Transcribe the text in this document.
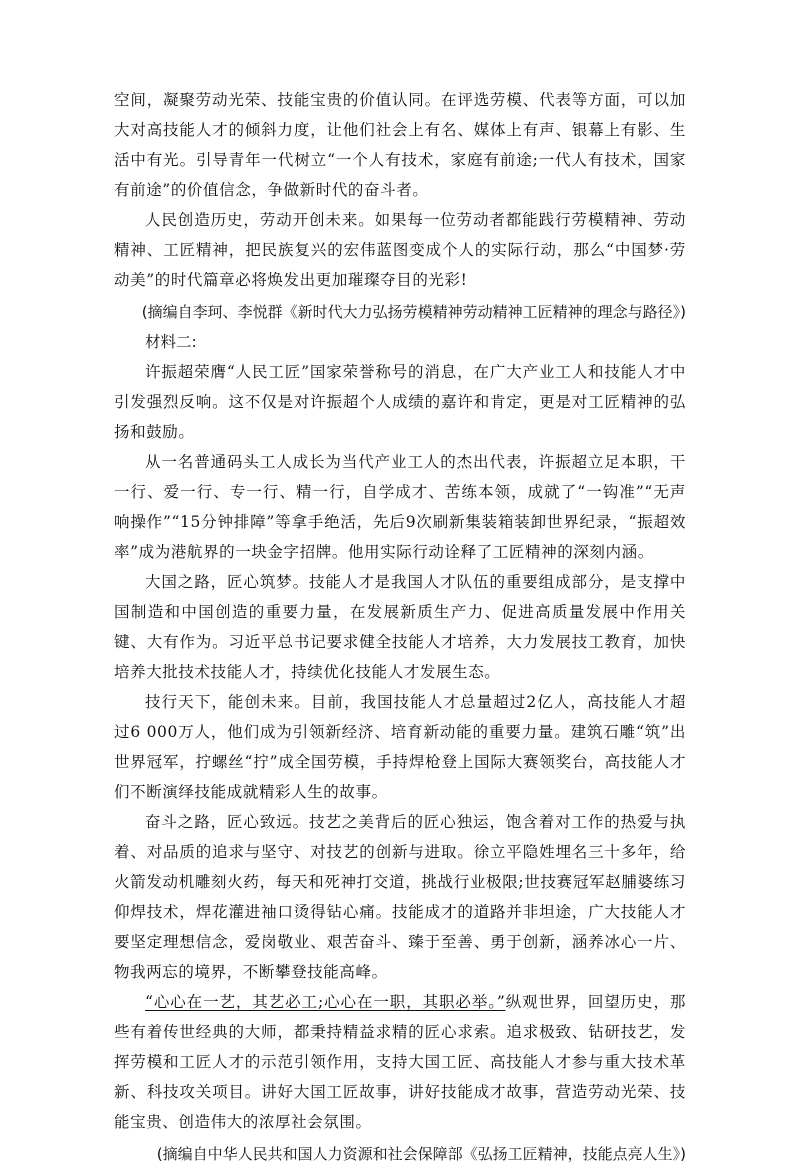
空间，凝聚劳动光荣、技能宝贵的价值认同。在评选劳模、代表等方面，可以加大对高技能人才的倾斜力度，让他们社会上有名、媒体上有声、银幕上有影、生活中有光。引导青年一代树立“一个人有技术，家庭有前途;一代人有技术，国家有前途”的价值信念，争做新时代的奋斗者。

人民创造历史，劳动开创未来。如果每一位劳动者都能践行劳模精神、劳动精神、工匠精神，把民族复兴的宏伟蓝图变成个人的实际行动，那么“中国梦·劳动美”的时代篇章必将焕发出更加璀璨夺目的光彩!

(摘编自李珂、李悦群《新时代大力弘扬劳模精神劳动精神工匠精神的理念与路径》)

材料二:

许振超荣膺“人民工匠”国家荣誉称号的消息，在广大产业工人和技能人才中引发强烈反响。这不仅是对许振超个人成绩的嘉许和肯定，更是对工匠精神的弘扬和鼓励。

从一名普通码头工人成长为当代产业工人的杰出代表，许振超立足本职，干一行、爱一行、专一行、精一行，自学成才、苦练本领，成就了“一钩准”“无声响操作”“15分钟排障”等拿手绝活，先后9次刷新集装箱装卸世界纪录，“振超效率”成为港航界的一块金字招牌。他用实际行动诠释了工匠精神的深刻内涵。

大国之路，匠心筑梦。技能人才是我国人才队伍的重要组成部分，是支撑中国制造和中国创造的重要力量，在发展新质生产力、促进高质量发展中作用关键、大有作为。习近平总书记要求健全技能人才培养，大力发展技工教育，加快培养大批技术技能人才，持续优化技能人才发展生态。

技行天下，能创未来。目前，我国技能人才总量超过2亿人，高技能人才超过6 000万人，他们成为引领新经济、培育新动能的重要力量。建筑石雕“筑”出世界冠军，拧螺丝“拧”成全国劳模，手持焊枪登上国际大赛领奖台，高技能人才们不断演绎技能成就精彩人生的故事。

奋斗之路，匠心致远。技艺之美背后的匠心独运，饱含着对工作的热爱与执着、对品质的追求与坚守、对技艺的创新与进取。徐立平隐姓埋名三十多年，给火箭发动机雕刻火药，每天和死神打交道，挑战行业极限;世技赛冠军赵脯婆练习仰焊技术，焊花灌进袖口烫得钻心痛。技能成才的道路并非坦途，广大技能人才要坚定理想信念，爱岗敬业、艰苦奋斗、臻于至善、勇于创新，涵养冰心一片、物我两忘的境界，不断攀登技能高峰。

“心心在一艺，其艺必工;心心在一职，其职必举。”纵观世界，回望历史，那些有着传世经典的大师，都秉持精益求精的匠心求索。追求极致、钻研技艺，发挥劳模和工匠人才的示范引领作用，支持大国工匠、高技能人才参与重大技术革新、科技攻关项目。讲好大国工匠故事，讲好技能成才故事，营造劳动光荣、技能宝贵、创造伟大的浓厚社会氛围。

(摘编自中华人民共和国人力资源和社会保障部《弘扬工匠精神，技能点亮人生》)
